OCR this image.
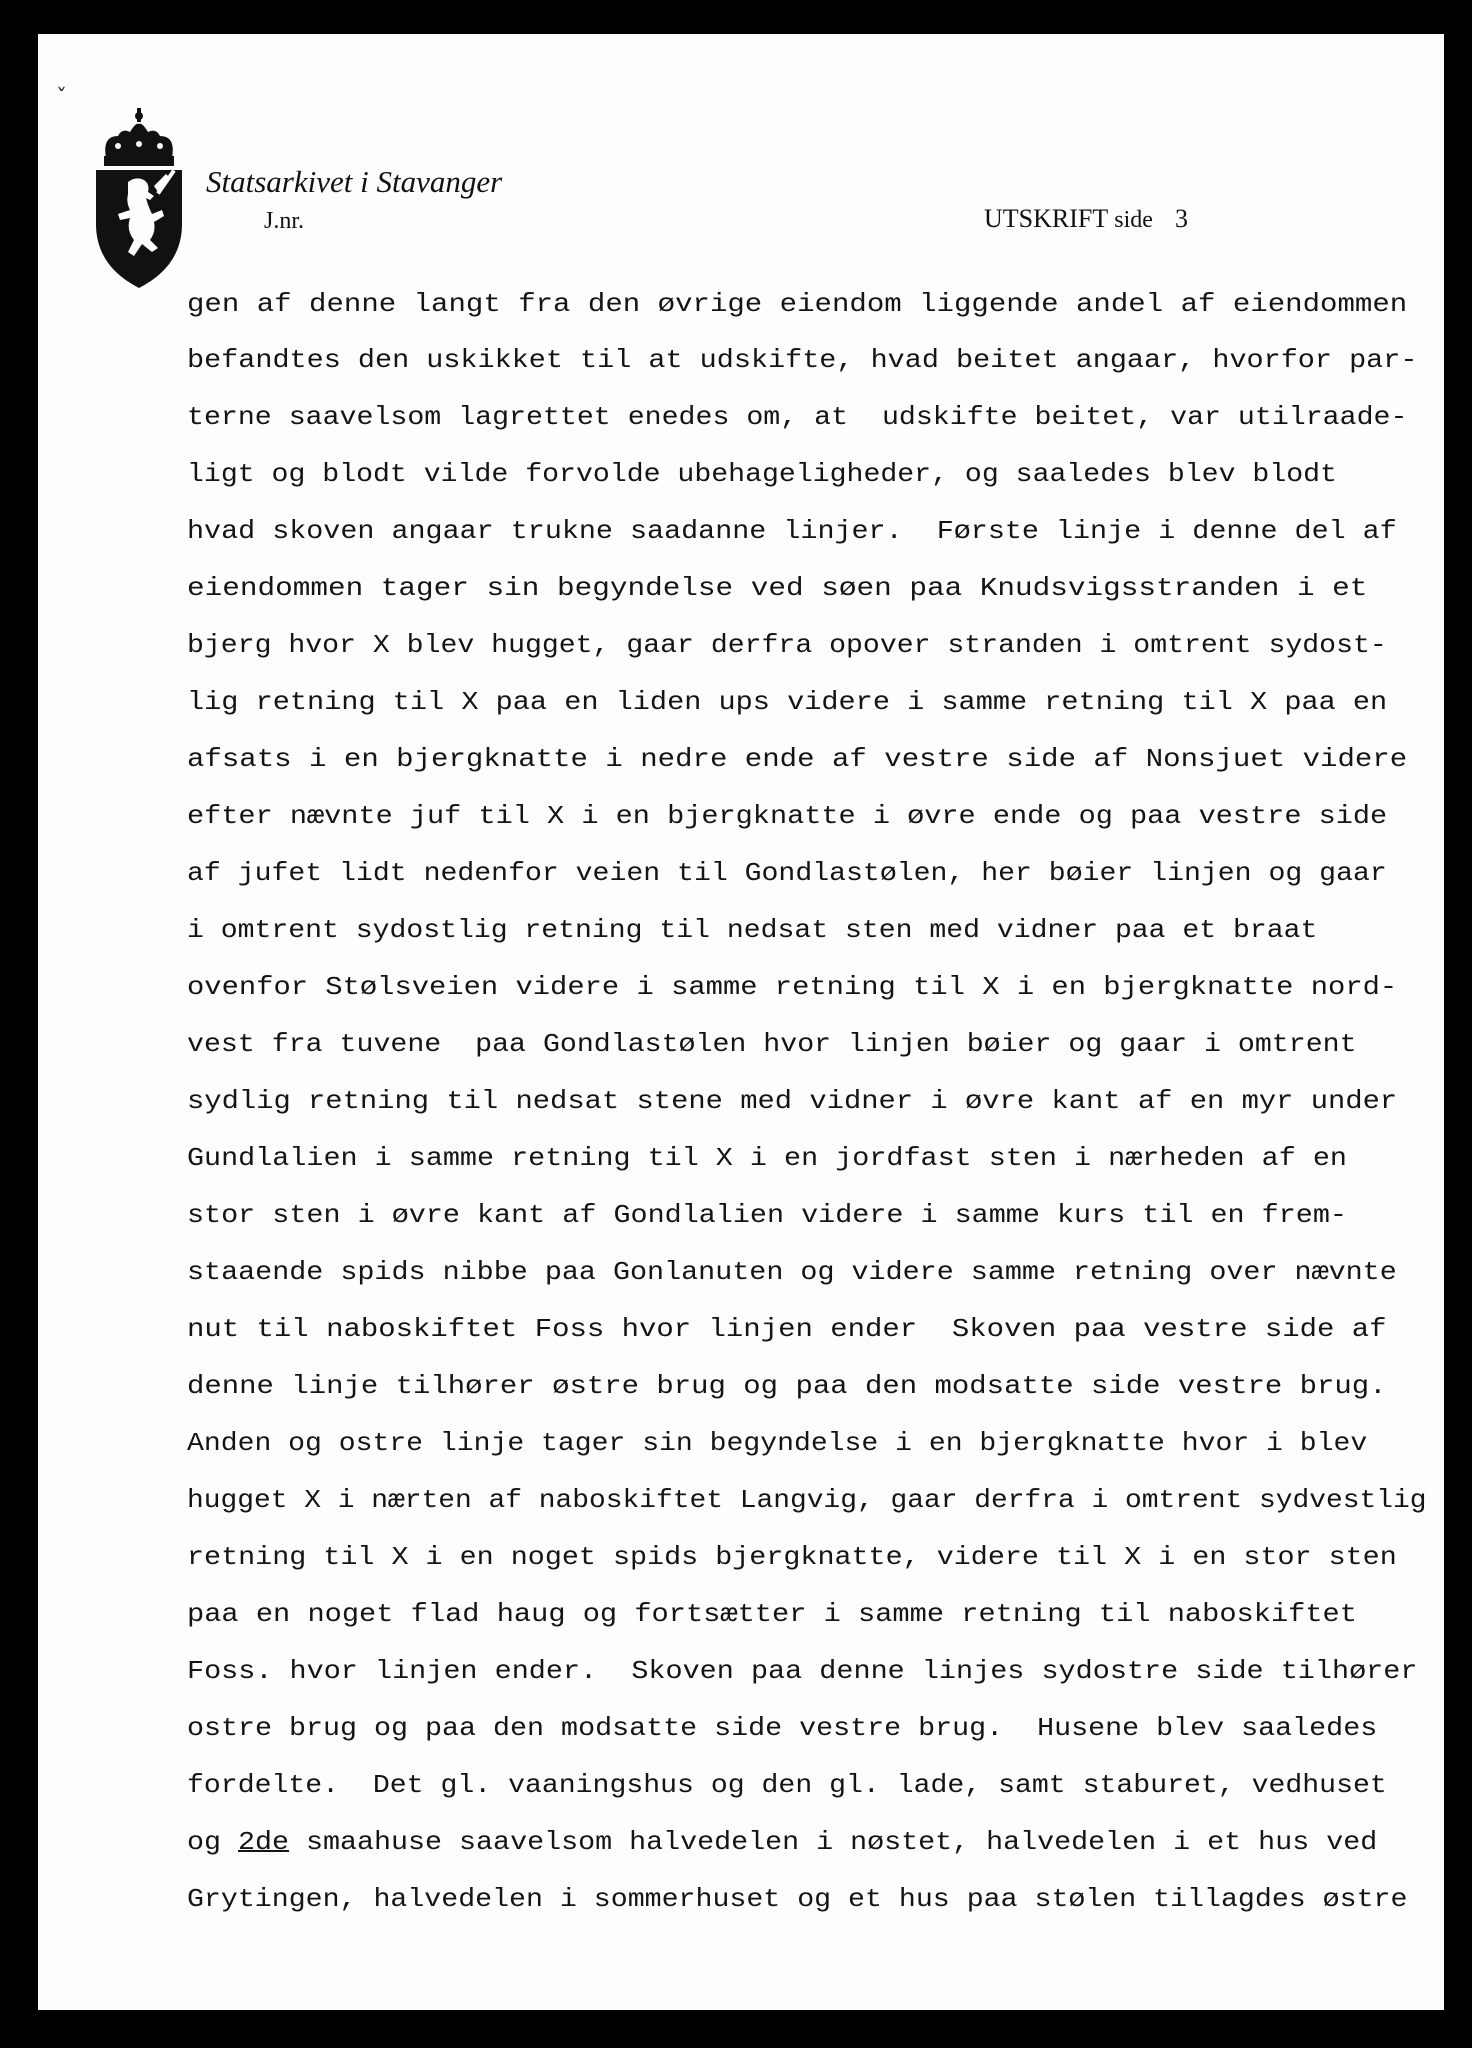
ˇ
Statsarkivet i Stavanger
J.nr.	UTSKRIFT side 3
gen af denne langt fra den øvrige eiendom liggende andel af eiendommen
befandtes den uskikket til at udskifte, hvad beitet angaar, hvorfor par-
terne saavelsom lagrettet enedes om, at  udskifte beitet, var utilraade-
ligt og blodt vilde forvolde ubehageligheder, og saaledes blev blodt
hvad skoven angaar trukne saadanne linjer.  Første linje i denne del af
eiendommen tager sin begyndelse ved søen paa Knudsvigsstranden i et
bjerg hvor X blev hugget, gaar derfra opover stranden i omtrent sydost-
lig retning til X paa en liden ups videre i samme retning til X paa en
afsats i en bjergknatte i nedre ende af vestre side af Nonsjuet videre
efter nævnte juf til X i en bjergknatte i øvre ende og paa vestre side
af jufet lidt nedenfor veien til Gondlastølen, her bøier linjen og gaar
i omtrent sydostlig retning til nedsat sten med vidner paa et braat
ovenfor Stølsveien videre i samme retning til X i en bjergknatte nord-
vest fra tuvene  paa Gondlastølen hvor linjen bøier og gaar i omtrent
sydlig retning til nedsat stene med vidner i øvre kant af en myr under
Gundlalien i samme retning til X i en jordfast sten i nærheden af en
stor sten i øvre kant af Gondlalien videre i samme kurs til en frem-
staaende spids nibbe paa Gonlanuten og videre samme retning over nævnte
nut til naboskiftet Foss hvor linjen ender  Skoven paa vestre side af
denne linje tilhører østre brug og paa den modsatte side vestre brug.
Anden og ostre linje tager sin begyndelse i en bjergknatte hvor i blev
hugget X i nærten af naboskiftet Langvig, gaar derfra i omtrent sydvestlig
retning til X i en noget spids bjergknatte, videre til X i en stor sten
paa en noget flad haug og fortsætter i samme retning til naboskiftet
Foss. hvor linjen ender.  Skoven paa denne linjes sydostre side tilhører
ostre brug og paa den modsatte side vestre brug.  Husene blev saaledes
fordelte.  Det gl. vaaningshus og den gl. lade, samt staburet, vedhuset
og 2de smaahuse saavelsom halvedelen i nøstet, halvedelen i et hus ved
Grytingen, halvedelen i sommerhuset og et hus paa stølen tillagdes østre
